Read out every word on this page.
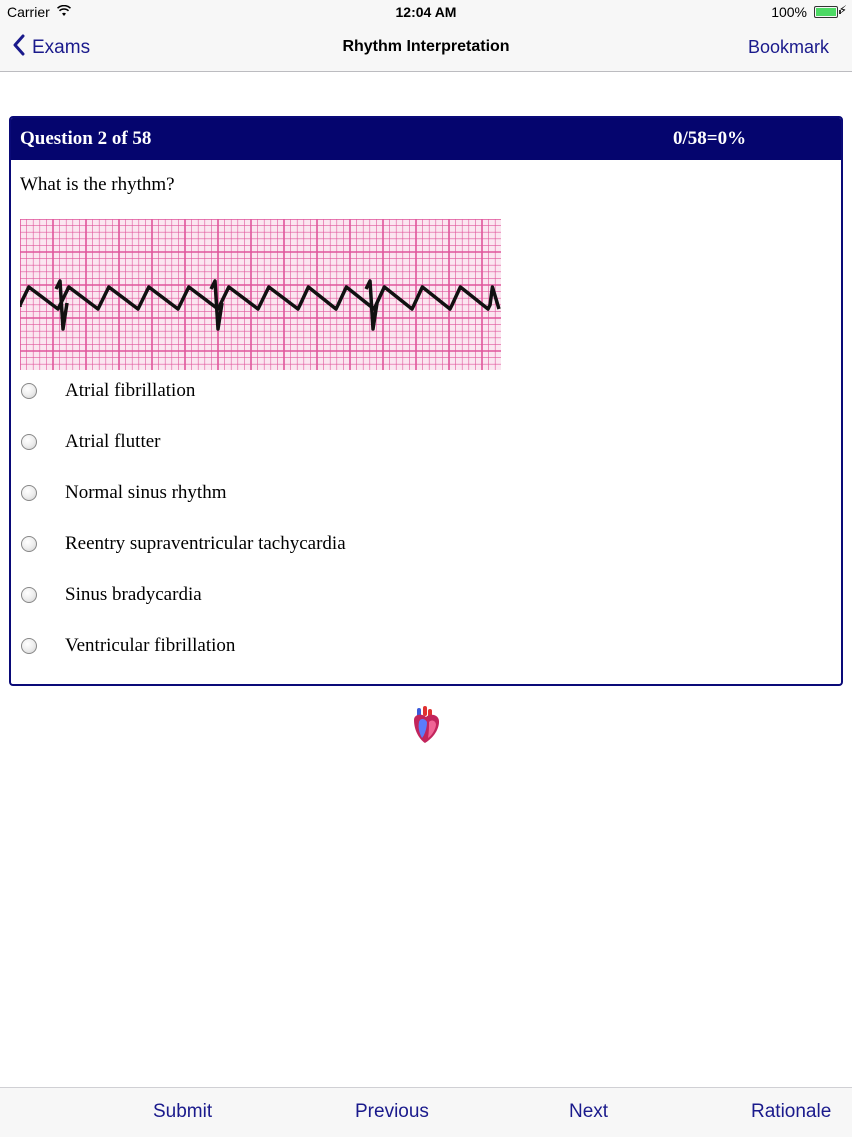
Carrier	12:04 AM	100%	⚡
Exams	Rhythm Interpretation	Bookmark
Question 2 of 58	0/58=0%
What is the rhythm?
Atrial fibrillation
Atrial flutter
Normal sinus rhythm
Reentry supraventricular tachycardia
Sinus bradycardia
Ventricular fibrillation
Submit	Previous	Next	Rationale
